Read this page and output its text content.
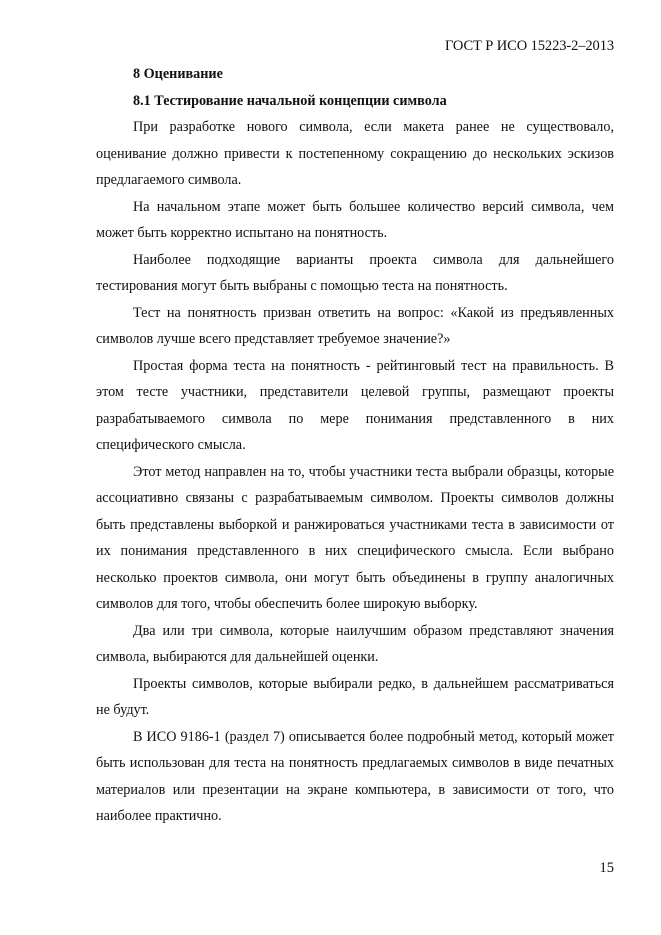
ГОСТ Р ИСО 15223-2–2013

8 Оценивание

8.1 Тестирование начальной концепции символа

При разработке нового символа, если макета ранее не существовало, оценивание должно привести к постепенному сокращению до нескольких эскизов предлагаемого символа.

На начальном этапе может быть большее количество версий символа, чем может быть корректно испытано на понятность.

Наиболее подходящие варианты проекта символа для дальнейшего тестирования могут быть выбраны с помощью теста на понятность.

Тест на понятность призван ответить на вопрос: «Какой из предъявленных символов лучше всего представляет требуемое значение?»

Простая форма теста на понятность - рейтинговый тест на правильность. В этом тесте участники, представители целевой группы, размещают проекты разрабатываемого символа по мере понимания представленного в них специфического смысла.

Этот метод направлен на то, чтобы участники теста выбрали образцы, которые ассоциативно связаны с разрабатываемым символом. Проекты символов должны быть представлены выборкой и ранжироваться участниками теста в зависимости от их понимания представленного в них специфического смысла. Если выбрано несколько проектов символа, они могут быть объединены в группу аналогичных символов для того, чтобы обеспечить более широкую выборку.

Два или три символа, которые наилучшим образом представляют значения символа, выбираются для дальнейшей оценки.

Проекты символов, которые выбирали редко, в дальнейшем рассматриваться не будут.

В ИСО 9186-1 (раздел 7) описывается более подробный метод, который может быть использован для теста на понятность предлагаемых символов в виде печатных материалов или презентации на экране компьютера, в зависимости от того, что наиболее практично.

15
